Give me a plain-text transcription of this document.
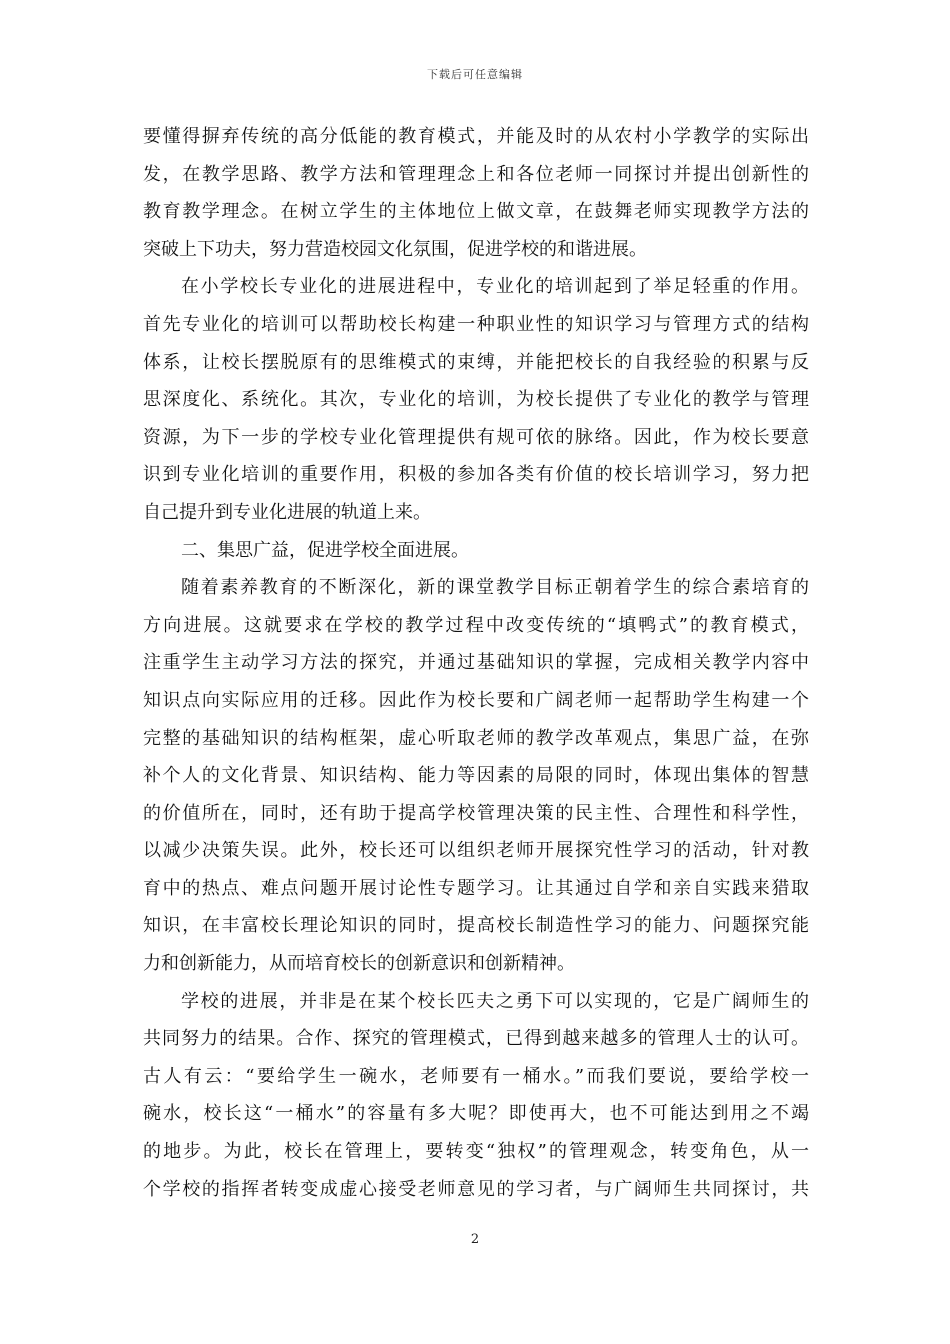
下载后可任意编辑
要懂得摒弃传统的高分低能的教育模式，并能及时的从农村小学教学的实际出
发，在教学思路、教学方法和管理理念上和各位老师一同探讨并提出创新性的
教育教学理念。在树立学生的主体地位上做文章，在鼓舞老师实现教学方法的
突破上下功夫，努力营造校园文化氛围，促进学校的和谐进展。
在小学校长专业化的进展进程中，专业化的培训起到了举足轻重的作用。
首先专业化的培训可以帮助校长构建一种职业性的知识学习与管理方式的结构
体系，让校长摆脱原有的思维模式的束缚，并能把校长的自我经验的积累与反
思深度化、系统化。其次，专业化的培训，为校长提供了专业化的教学与管理
资源，为下一步的学校专业化管理提供有规可依的脉络。因此，作为校长要意
识到专业化培训的重要作用，积极的参加各类有价值的校长培训学习，努力把
自己提升到专业化进展的轨道上来。
二、集思广益，促进学校全面进展。
随着素养教育的不断深化，新的课堂教学目标正朝着学生的综合素培育的
方向进展。这就要求在学校的教学过程中改变传统的“填鸭式”的教育模式，
注重学生主动学习方法的探究，并通过基础知识的掌握，完成相关教学内容中
知识点向实际应用的迁移。因此作为校长要和广阔老师一起帮助学生构建一个
完整的基础知识的结构框架，虚心听取老师的教学改革观点，集思广益，在弥
补个人的文化背景、知识结构、能力等因素的局限的同时，体现出集体的智慧
的价值所在，同时，还有助于提高学校管理决策的民主性、合理性和科学性，
以减少决策失误。此外，校长还可以组织老师开展探究性学习的活动，针对教
育中的热点、难点问题开展讨论性专题学习。让其通过自学和亲自实践来猎取
知识，在丰富校长理论知识的同时，提高校长制造性学习的能力、问题探究能
力和创新能力，从而培育校长的创新意识和创新精神。
学校的进展，并非是在某个校长匹夫之勇下可以实现的，它是广阔师生的
共同努力的结果。合作、探究的管理模式，已得到越来越多的管理人士的认可。
古人有云：“要给学生一碗水，老师要有一桶水。”而我们要说，要给学校一
碗水，校长这“一桶水”的容量有多大呢？即使再大，也不可能达到用之不竭
的地步。为此，校长在管理上，要转变“独权”的管理观念，转变角色，从一
个学校的指挥者转变成虚心接受老师意见的学习者，与广阔师生共同探讨，共
2
